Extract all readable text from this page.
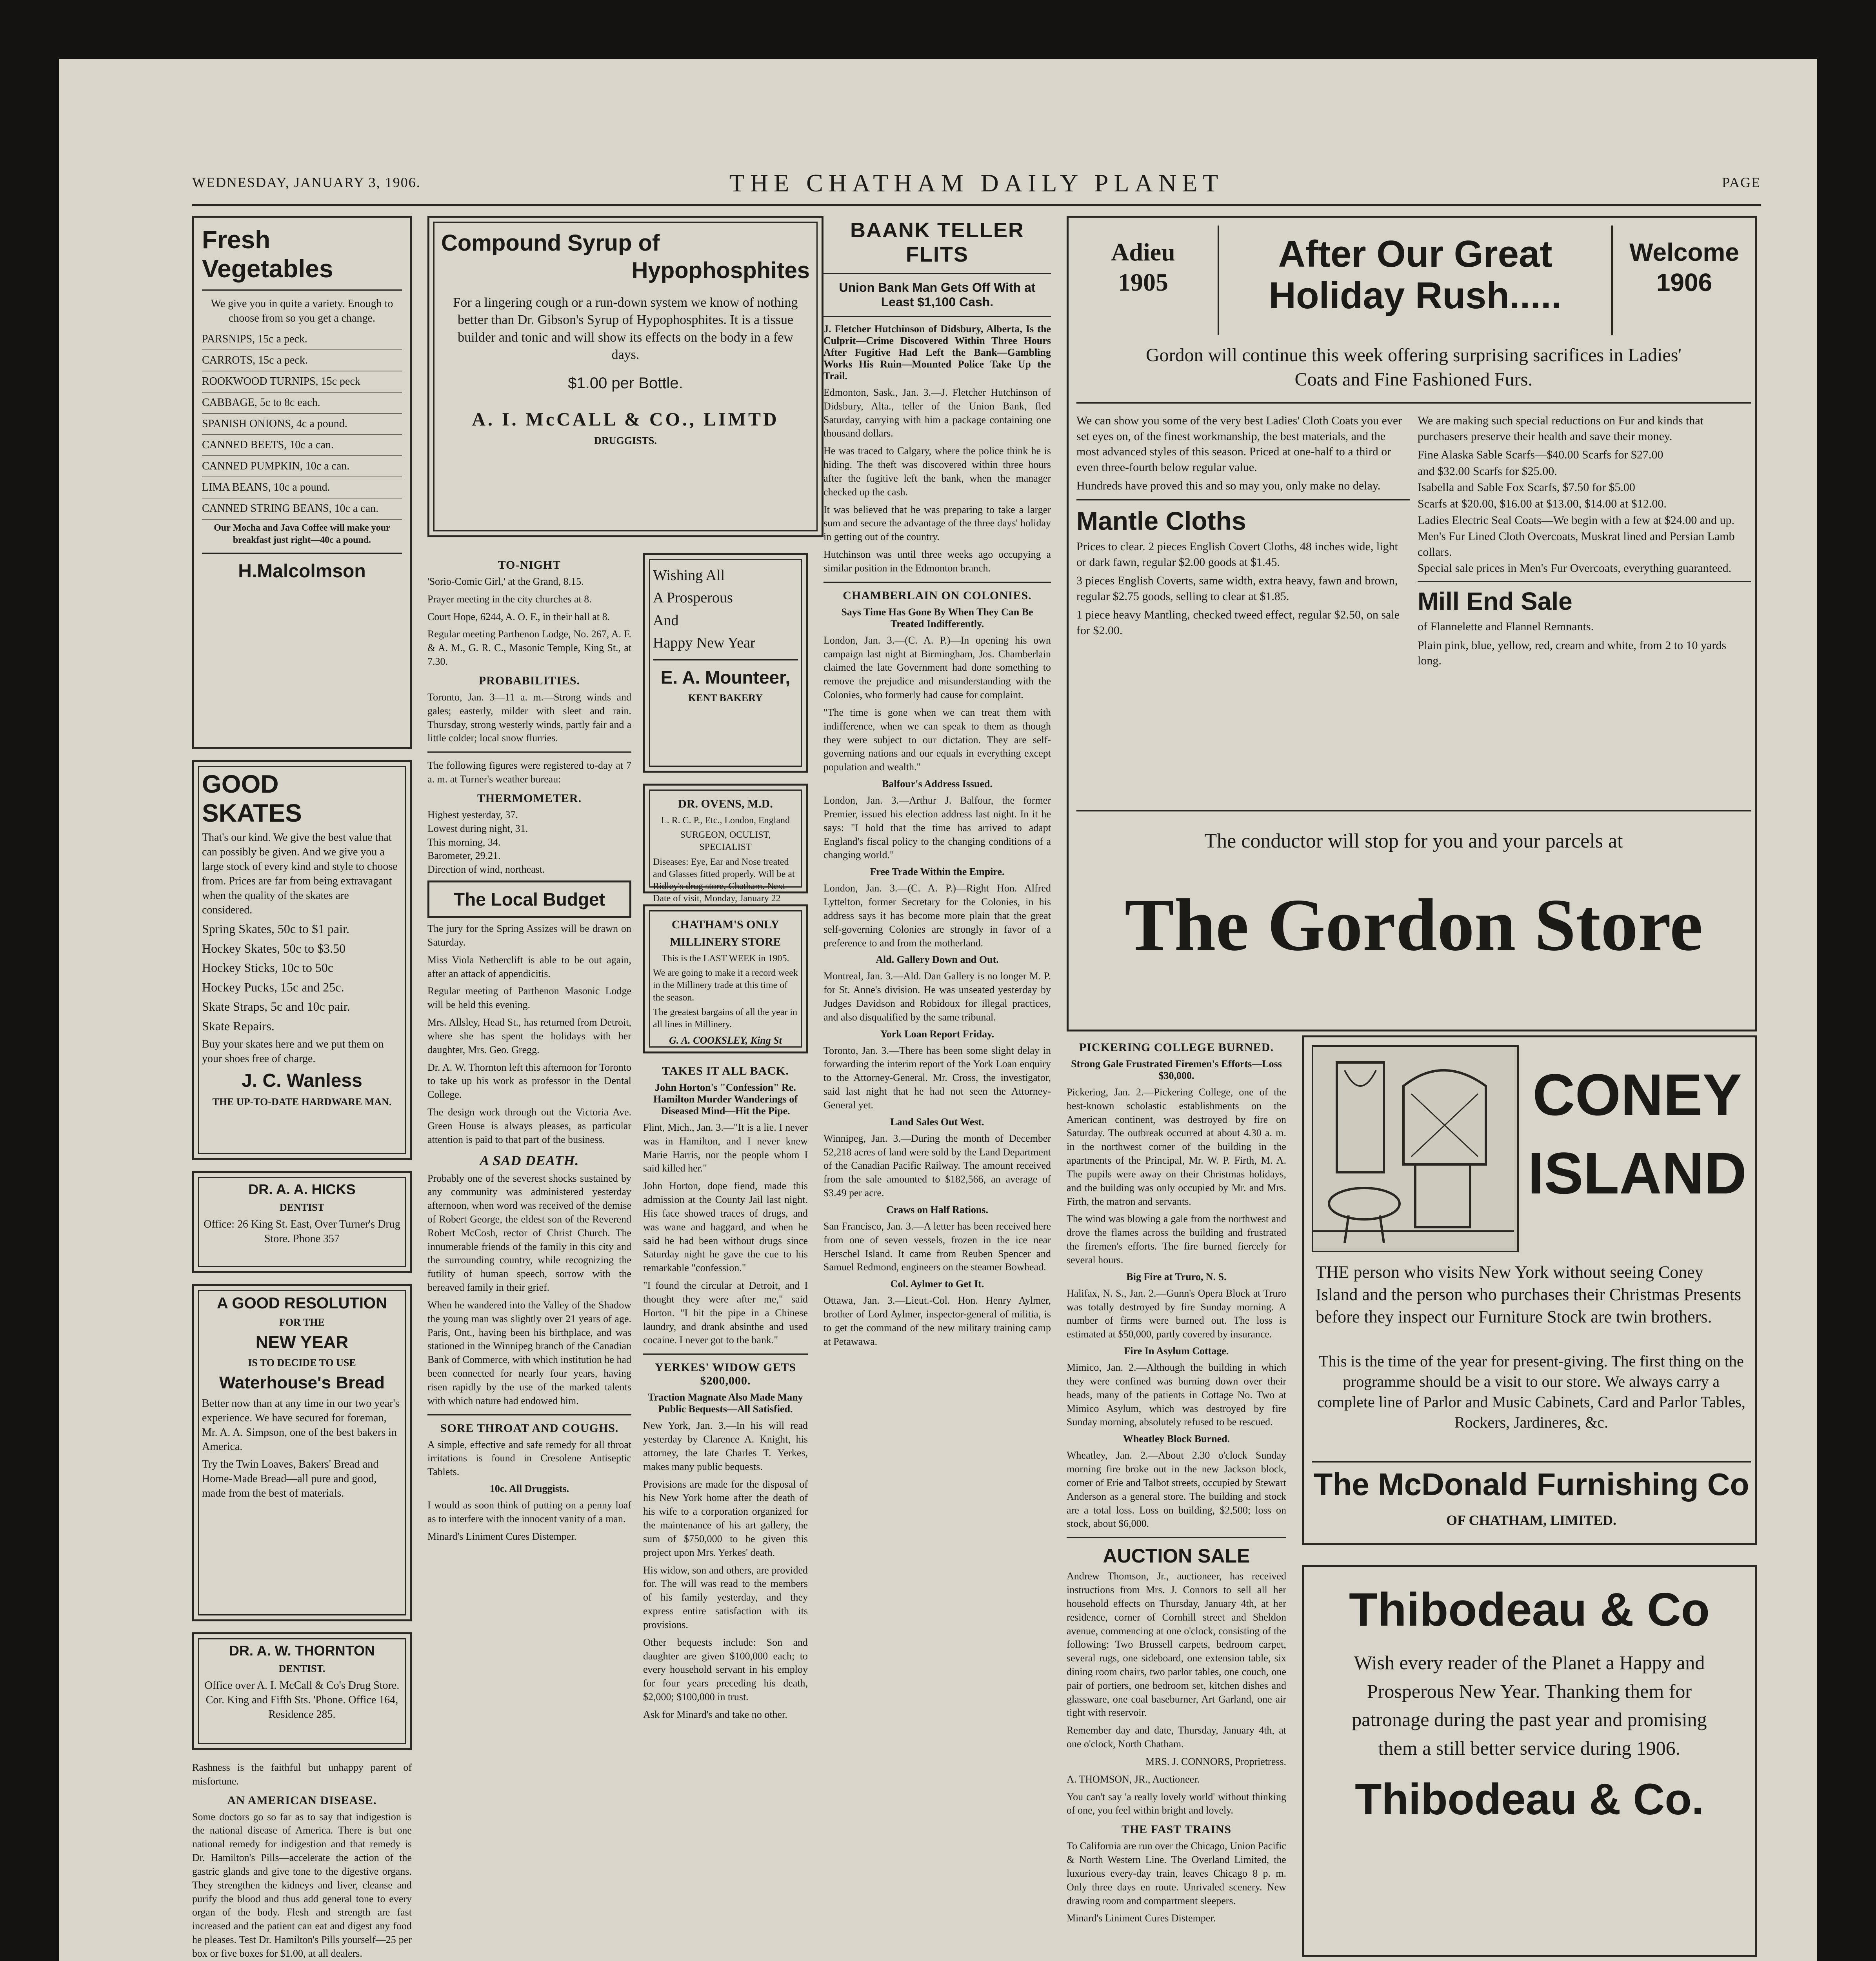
WEDNESDAY, JANUARY 3, 1906.	THE CHATHAM DAILY PLANET	PAGE
Fresh
Vegetables
We give you in quite a variety. Enough to choose from so you get a change.
PARSNIPS, 15c a peck.
CARROTS, 15c a peck.
ROOKWOOD TURNIPS, 15c peck
CABBAGE, 5c to 8c each.
SPANISH ONIONS, 4c a pound.
CANNED BEETS, 10c a can.
CANNED PUMPKIN, 10c a can.
LIMA BEANS, 10c a pound.
CANNED STRING BEANS, 10c a can.
Our Mocha and Java Coffee will make your breakfast just right—40c a pound.
H.Malcolmson
GOOD
SKATES
That's our kind. We give the best value that can possibly be given. And we give you a large stock of every kind and style to choose from. Prices are far from being extravagant when the quality of the skates are considered.
Spring Skates, 50c to $1 pair.
Hockey Skates, 50c to $3.50
Hockey Sticks, 10c to 50c
Hockey Pucks, 15c and 25c.
Skate Straps, 5c and 10c pair.
Skate Repairs.
Buy your skates here and we put them on your shoes free of charge.
J. C. Wanless
THE UP-TO-DATE HARDWARE MAN.
DR. A. A. HICKS
DENTIST
Office: 26 King St. East, Over Turner's Drug Store. Phone 357
A GOOD RESOLUTION
FOR THE
NEW YEAR
IS TO DECIDE TO USE
Waterhouse's Bread
Better now than at any time in our two year's experience. We have secured for foreman, Mr. A. A. Simpson, one of the best bakers in America.
Try the Twin Loaves, Bakers' Bread and Home-Made Bread—all pure and good, made from the best of materials.
DR. A. W. THORNTON
DENTIST.
Office over A. I. McCall & Co's Drug Store. Cor. King and Fifth Sts. 'Phone. Office 164, Residence 285.
Rashness is the faithful but unhappy parent of misfortune.
AN AMERICAN DISEASE.
Some doctors go so far as to say that indigestion is the national disease of America. There is but one national remedy for indigestion and that remedy is Dr. Hamilton's Pills—accelerate the action of the gastric glands and give tone to the digestive organs. They strengthen the kidneys and liver, cleanse and purify the blood and thus add general tone to every organ of the body. Flesh and strength are fast increased and the patient can eat and digest any food he pleases. Test Dr. Hamilton's Pills yourself—25 per box or five boxes for $1.00, at all dealers.
Compound Syrup of
Hypophosphites
For a lingering cough or a run-down system we know of nothing better than Dr. Gibson's Syrup of Hypophosphites. It is a tissue builder and tonic and will show its effects on the body in a few days.
$1.00 per Bottle.
A. I. McCALL & CO., LIMTD
DRUGGISTS.
TO-NIGHT
'Sorio-Comic Girl,' at the Grand, 8.15.
Prayer meeting in the city churches at 8.
Court Hope, 6244, A. O. F., in their hall at 8.
Regular meeting Parthenon Lodge, No. 267, A. F. & A. M., G. R. C., Masonic Temple, King St., at 7.30.
PROBABILITIES.
Toronto, Jan. 3—11 a. m.—Strong winds and gales; easterly, milder with sleet and rain. Thursday, strong westerly winds, partly fair and a little colder; local snow flurries.
The following figures were registered to-day at 7 a. m. at Turner's weather bureau:
THERMOMETER.
Highest yesterday, 37.
Lowest during night, 31.
This morning, 34.
Barometer, 29.21.
Direction of wind, northeast.
The Local Budget
The jury for the Spring Assizes will be drawn on Saturday.
Miss Viola Netherclift is able to be out again, after an attack of appendicitis.
Regular meeting of Parthenon Masonic Lodge will be held this evening.
Mrs. Allsley, Head St., has returned from Detroit, where she has spent the holidays with her daughter, Mrs. Geo. Gregg.
Dr. A. W. Thornton left this afternoon for Toronto to take up his work as professor in the Dental College.
The design work through out the Victoria Ave. Green House is always pleases, as particular attention is paid to that part of the business.
A SAD DEATH.
Probably one of the severest shocks sustained by any community was administered yesterday afternoon, when word was received of the demise of Robert George, the eldest son of the Reverend Robert McCosh, rector of Christ Church. The innumerable friends of the family in this city and the surrounding country, while recognizing the futility of human speech, sorrow with the bereaved family in their grief.
When he wandered into the Valley of the Shadow the young man was slightly over 21 years of age. Paris, Ont., having been his birthplace, and was stationed in the Winnipeg branch of the Canadian Bank of Commerce, with which institution he had been connected for nearly four years, having risen rapidly by the use of the marked talents with which nature had endowed him.
SORE THROAT AND COUGHS.
A simple, effective and safe remedy for all throat irritations is found in Cresolene Antiseptic Tablets.
10c. All Druggists.
I would as soon think of putting on a penny loaf as to interfere with the innocent vanity of a man.
Minard's Liniment Cures Distemper.
Wishing All
A Prosperous
And
Happy New Year
E. A. Mounteer,
KENT BAKERY
DR. OVENS, M.D.
L. R. C. P., Etc., London, England
SURGEON, OCULIST, SPECIALIST
Diseases: Eye, Ear and Nose treated and Glasses fitted properly. Will be at Ridley's drug store, Chatham. Next Date of visit, Monday, January 22
CHATHAM'S ONLY
MILLINERY STORE
This is the LAST WEEK in 1905.
We are going to make it a record week in the Millinery trade at this time of the season.
The greatest bargains of all the year in all lines in Millinery.
G. A. COOKSLEY, King St
TAKES IT ALL BACK.
John Horton's "Confession" Re. Hamilton Murder Wanderings of Diseased Mind—Hit the Pipe.
Flint, Mich., Jan. 3.—"It is a lie. I never was in Hamilton, and I never knew Marie Harris, nor the people whom I said killed her."
John Horton, dope fiend, made this admission at the County Jail last night. His face showed traces of drugs, and was wane and haggard, and when he said he had been without drugs since Saturday night he gave the cue to his remarkable "confession."
"I found the circular at Detroit, and I thought they were after me," said Horton. "I hit the pipe in a Chinese laundry, and drank absinthe and used cocaine. I never got to the bank."
YERKES' WIDOW GETS $200,000.
Traction Magnate Also Made Many Public Bequests—All Satisfied.
New York, Jan. 3.—In his will read yesterday by Clarence A. Knight, his attorney, the late Charles T. Yerkes, makes many public bequests.
Provisions are made for the disposal of his New York home after the death of his wife to a corporation organized for the maintenance of his art gallery, the sum of $750,000 to be given this project upon Mrs. Yerkes' death.
His widow, son and others, are provided for. The will was read to the members of his family yesterday, and they express entire satisfaction with its provisions.
Other bequests include: Son and daughter are given $100,000 each; to every household servant in his employ for four years preceding his death, $2,000; $100,000 in trust.
Ask for Minard's and take no other.
BAANK TELLER FLITS
Union Bank Man Gets Off With at Least $1,100 Cash.
J. Fletcher Hutchinson of Didsbury, Alberta, Is the Culprit—Crime Discovered Within Three Hours After Fugitive Had Left the Bank—Gambling Works His Ruin—Mounted Police Take Up the Trail.
Edmonton, Sask., Jan. 3.—J. Fletcher Hutchinson of Didsbury, Alta., teller of the Union Bank, fled Saturday, carrying with him a package containing one thousand dollars.
He was traced to Calgary, where the police think he is hiding. The theft was discovered within three hours after the fugitive left the bank, when the manager checked up the cash.
It was believed that he was preparing to take a larger sum and secure the advantage of the three days' holiday in getting out of the country.
Hutchinson was until three weeks ago occupying a similar position in the Edmonton branch.
CHAMBERLAIN ON COLONIES.
Says Time Has Gone By When They Can Be Treated Indifferently.
London, Jan. 3.—(C. A. P.)—In opening his own campaign last night at Birmingham, Jos. Chamberlain claimed the late Government had done something to remove the prejudice and misunderstanding with the Colonies, who formerly had cause for complaint.
"The time is gone when we can treat them with indifference, when we can speak to them as though they were subject to our dictation. They are self-governing nations and our equals in everything except population and wealth."
Balfour's Address Issued.
London, Jan. 3.—Arthur J. Balfour, the former Premier, issued his election address last night. In it he says: "I hold that the time has arrived to adapt England's fiscal policy to the changing conditions of a changing world."
Free Trade Within the Empire.
London, Jan. 3.—(C. A. P.)—Right Hon. Alfred Lyttelton, former Secretary for the Colonies, in his address says it has become more plain that the great self-governing Colonies are strongly in favor of a preference to and from the motherland.
Ald. Gallery Down and Out.
Montreal, Jan. 3.—Ald. Dan Gallery is no longer M. P. for St. Anne's division. He was unseated yesterday by Judges Davidson and Robidoux for illegal practices, and also disqualified by the same tribunal.
York Loan Report Friday.
Toronto, Jan. 3.—There has been some slight delay in forwarding the interim report of the York Loan enquiry to the Attorney-General. Mr. Cross, the investigator, said last night that he had not seen the Attorney-General yet.
Land Sales Out West.
Winnipeg, Jan. 3.—During the month of December 52,218 acres of land were sold by the Land Department of the Canadian Pacific Railway. The amount received from the sale amounted to $182,566, an average of $3.49 per acre.
Craws on Half Rations.
San Francisco, Jan. 3.—A letter has been received here from one of seven vessels, frozen in the ice near Herschel Island. It came from Reuben Spencer and Samuel Redmond, engineers on the steamer Bowhead.
Col. Aylmer to Get It.
Ottawa, Jan. 3.—Lieut.-Col. Hon. Henry Aylmer, brother of Lord Aylmer, inspector-general of militia, is to get the command of the new military training camp at Petawawa.
Adieu
1905
After Our Great Holiday Rush.....
Welcome
1906
Gordon will continue this week offering surprising sacrifices in Ladies' Coats and Fine Fashioned Furs.
We can show you some of the very best Ladies' Cloth Coats you ever set eyes on, of the finest workmanship, the best materials, and the most advanced styles of this season. Priced at one-half to a third or even three-fourth below regular value.
Hundreds have proved this and so may you, only make no delay.
Mantle Cloths
Prices to clear. 2 pieces English Covert Cloths, 48 inches wide, light or dark fawn, regular $2.00 goods at $1.45.
3 pieces English Coverts, same width, extra heavy, fawn and brown, regular $2.75 goods, selling to clear at $1.85.
1 piece heavy Mantling, checked tweed effect, regular $2.50, on sale for $2.00.
We are making such special reductions on Fur and kinds that purchasers preserve their health and save their money.
Fine Alaska Sable Scarfs—$40.00 Scarfs for $27.00
and $32.00 Scarfs for $25.00.
Isabella and Sable Fox Scarfs, $7.50 for $5.00
Scarfs at $20.00, $16.00 at $13.00, $14.00 at $12.00.
Ladies Electric Seal Coats—We begin with a few at $24.00 and up.
Men's Fur Lined Cloth Overcoats, Muskrat lined and Persian Lamb collars.
Special sale prices in Men's Fur Overcoats, everything guaranteed.
Mill End Sale
of Flannelette and Flannel Remnants.
Plain pink, blue, yellow, red, cream and white, from 2 to 10 yards long.
The conductor will stop for you and your parcels at
The Gordon Store
PICKERING COLLEGE BURNED.
Strong Gale Frustrated Firemen's Efforts—Loss $30,000.
Pickering, Jan. 2.—Pickering College, one of the best-known scholastic establishments on the American continent, was destroyed by fire on Saturday. The outbreak occurred at about 4.30 a. m. in the northwest corner of the building in the apartments of the Principal, Mr. W. P. Firth, M. A. The pupils were away on their Christmas holidays, and the building was only occupied by Mr. and Mrs. Firth, the matron and servants.
The wind was blowing a gale from the northwest and drove the flames across the building and frustrated the firemen's efforts. The fire burned fiercely for several hours.
Big Fire at Truro, N. S.
Halifax, N. S., Jan. 2.—Gunn's Opera Block at Truro was totally destroyed by fire Sunday morning. A number of firms were burned out. The loss is estimated at $50,000, partly covered by insurance.
Fire In Asylum Cottage.
Mimico, Jan. 2.—Although the building in which they were confined was burning down over their heads, many of the patients in Cottage No. Two at Mimico Asylum, which was destroyed by fire Sunday morning, absolutely refused to be rescued.
Wheatley Block Burned.
Wheatley, Jan. 2.—About 2.30 o'clock Sunday morning fire broke out in the new Jackson block, corner of Erie and Talbot streets, occupied by Stewart Anderson as a general store. The building and stock are a total loss. Loss on building, $2,500; loss on stock, about $6,000.
AUCTION SALE
Andrew Thomson, Jr., auctioneer, has received instructions from Mrs. J. Connors to sell all her household effects on Thursday, January 4th, at her residence, corner of Cornhill street and Sheldon avenue, commencing at one o'clock, consisting of the following: Two Brussell carpets, bedroom carpet, several rugs, one sideboard, one extension table, six dining room chairs, two parlor tables, one couch, one pair of portiers, one bedroom set, kitchen dishes and glassware, one coal baseburner, Art Garland, one air tight with reservoir.
Remember day and date, Thursday, January 4th, at one o'clock, North Chatham.
MRS. J. CONNORS, Proprietress.
A. THOMSON, JR., Auctioneer.
You can't say 'a really lovely world' without thinking of one, you feel within bright and lovely.
THE FAST TRAINS
To California are run over the Chicago, Union Pacific & North Western Line. The Overland Limited, the luxurious every-day train, leaves Chicago 8 p. m. Only three days en route. Unrivaled scenery. New drawing room and compartment sleepers.
Minard's Liniment Cures Distemper.
CONEY
ISLAND
THE person who visits New York without seeing Coney Island and the person who purchases their Christmas Presents before they inspect our Furniture Stock are twin brothers.
This is the time of the year for present-giving. The first thing on the programme should be a visit to our store. We always carry a complete line of Parlor and Music Cabinets, Card and Parlor Tables, Rockers, Jardineres, &c.
The McDonald Furnishing Co
OF CHATHAM, LIMITED.
Thibodeau & Co
Wish every reader of the Planet a Happy and Prosperous New Year. Thanking them for patronage during the past year and promising them a still better service during 1906.
Thibodeau & Co.
